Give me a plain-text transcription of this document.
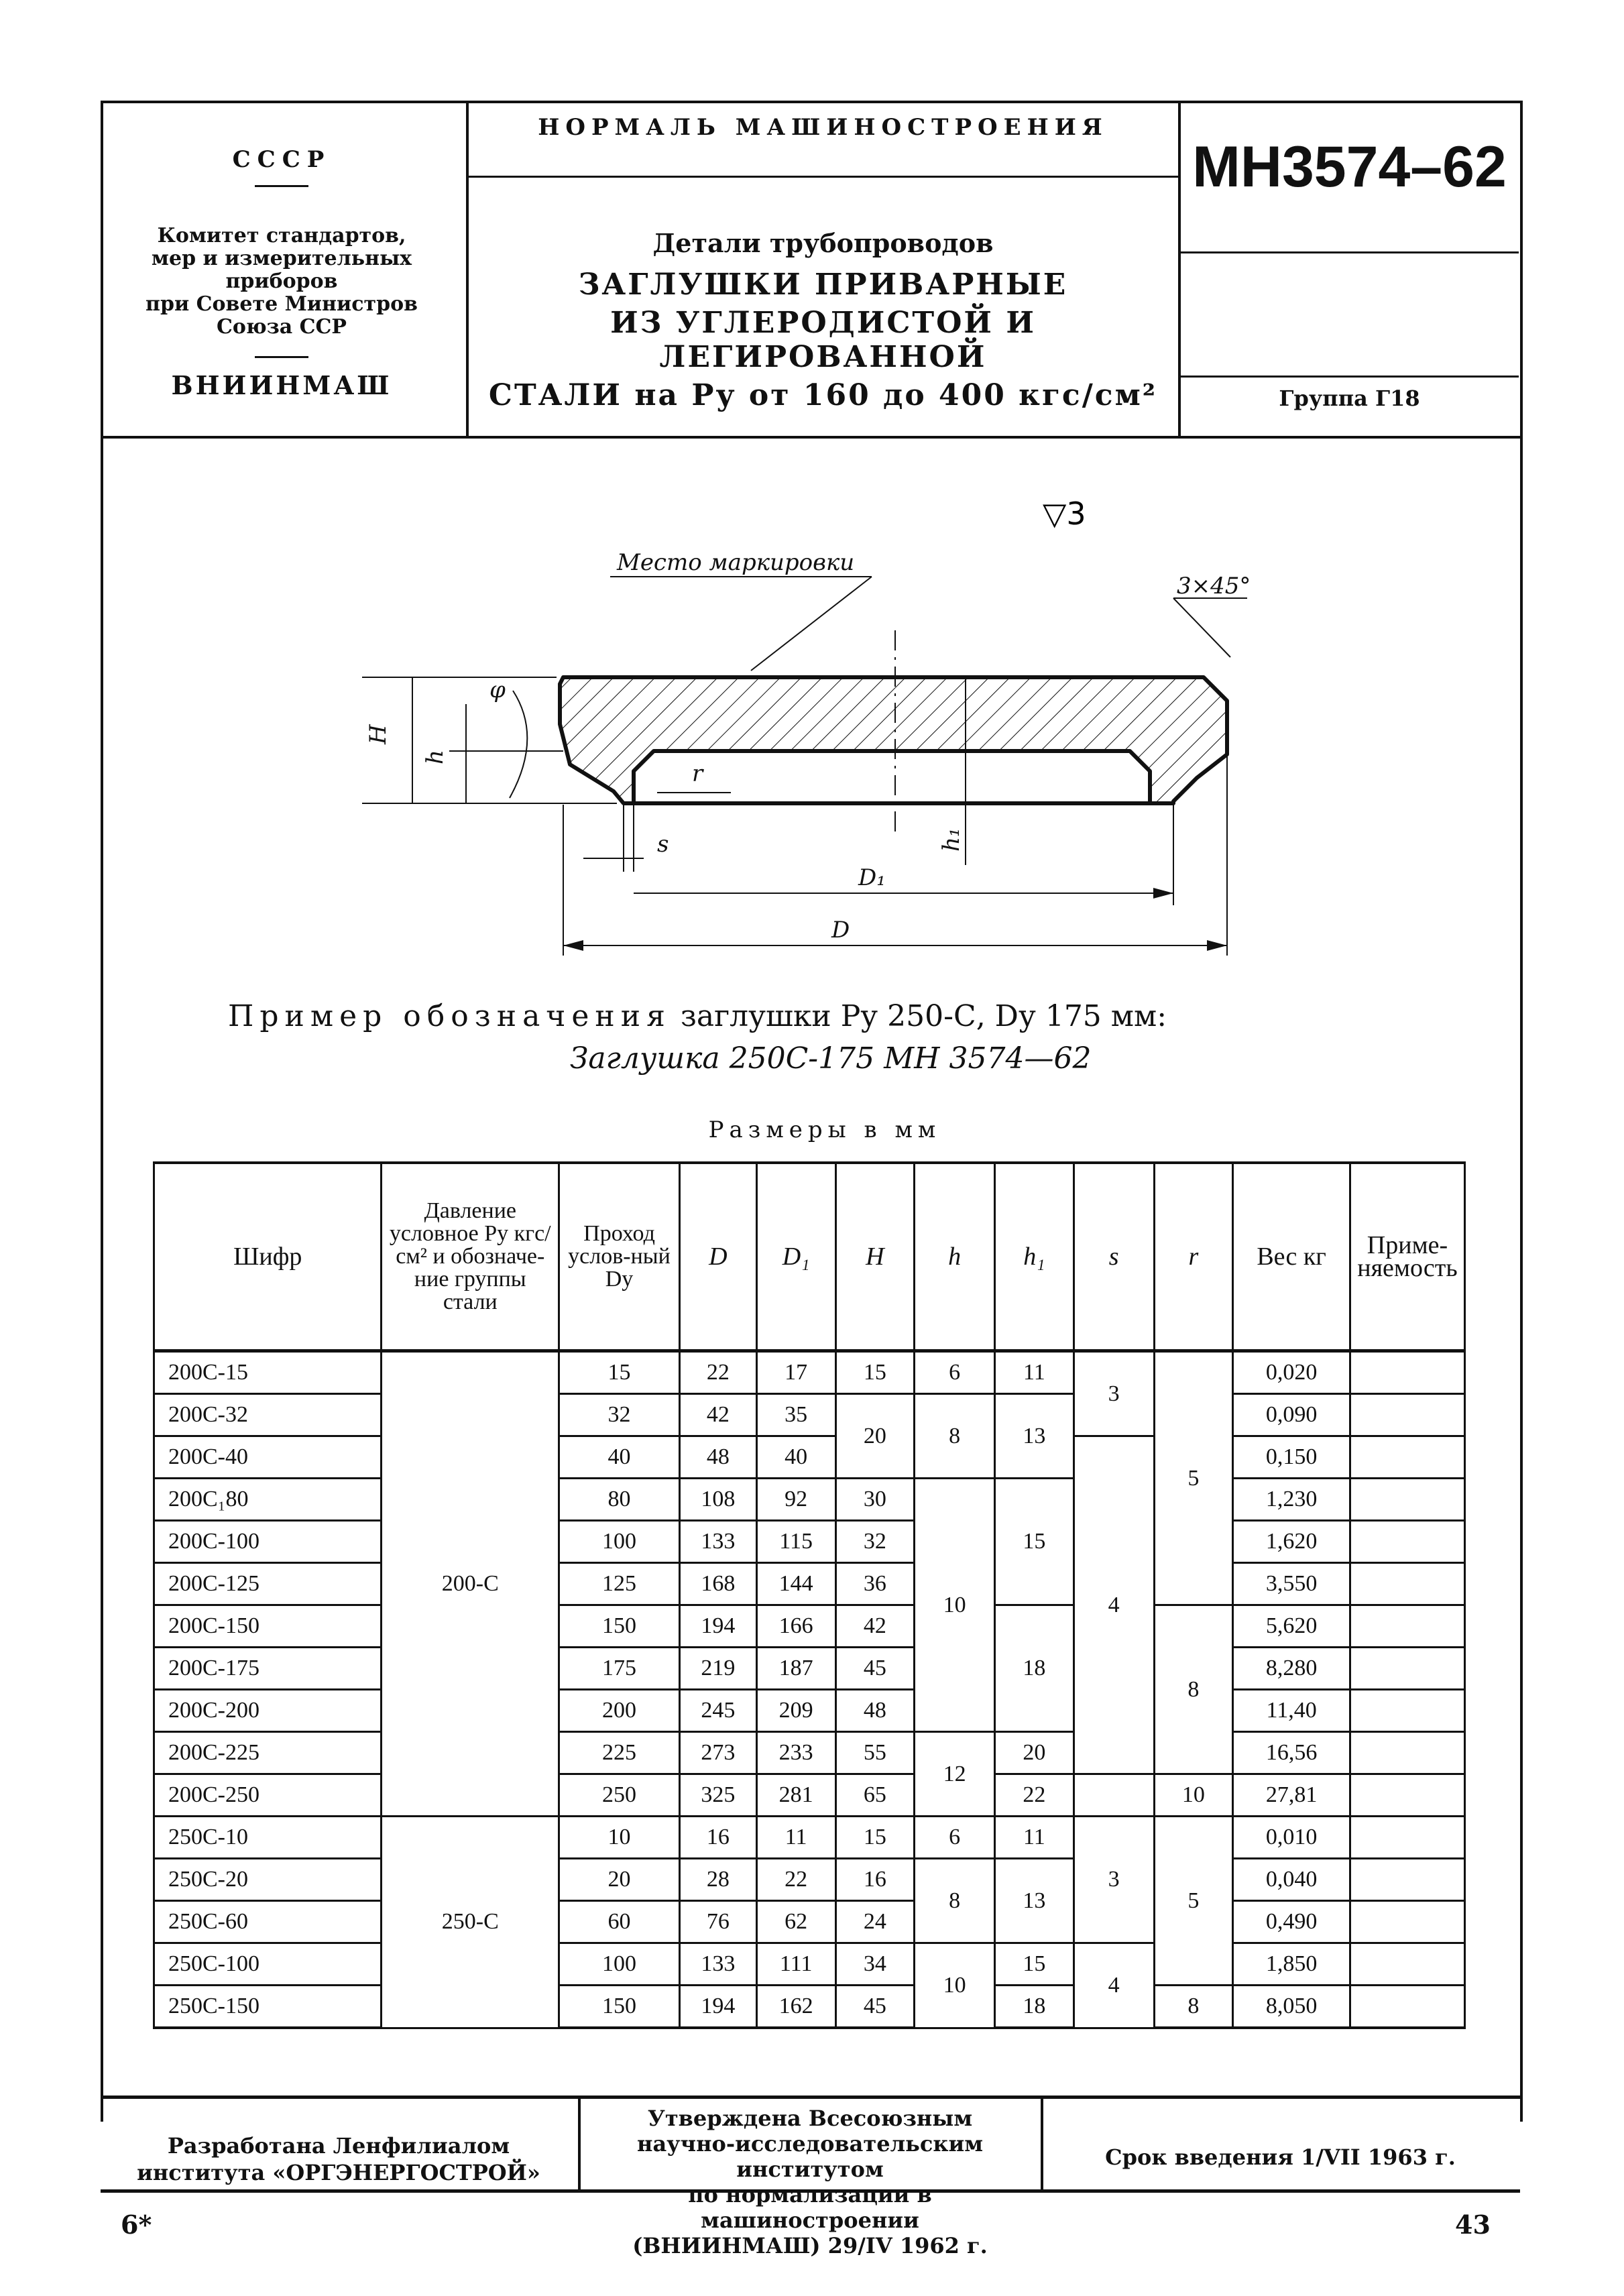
СССР
Комитет стандартов,
мер и измерительных
приборов
при Совете Министров
Союза ССР
ВНИИНМАШ
НОРМАЛЬ МАШИНОСТРОЕНИЯ
Детали трубопроводов
ЗАГЛУШКИ ПРИВАРНЫЕ
ИЗ УГЛЕРОДИСТОЙ И ЛЕГИРОВАННОЙ
СТАЛИ на Pу от 160 до 400 кгс/см²
МН3574–62
Группа Г18
▽3
Место маркировки
3×45°
H
h
φ
r
s	h₁
D₁
D
Пример обозначения заглушки Pу 250-С, Dу 175 мм:
Заглушка 250С-175 МН 3574—62
Размеры в мм
Шифр	Давление условное Pу кгс/см² и обозначе-ние группы стали	Проход услов-ный Dу	D	D₁	H	h	h₁	s	r	Вес кг	Приме-няемость
200С-15	200-С	15	22	17	15	6	11	3	5	0,020	
200С-32		32	42	35	20	8	13			0,090	
200С-40		40	48	40				4		0,150	
200С₁80		80	108	92	30	10	15			1,230	
200С-100		100	133	115	32					1,620	
200С-125		125	168	144	36					3,550	
200С-150		150	194	166	42		18		8	5,620	
200С-175		175	219	187	45					8,280	
200С-200		200	245	209	48					11,40	
200С-225		225	273	233	55	12	20			16,56	
200С-250		250	325	281	65		22		10	27,81	
250С-10	250-С	10	16	11	15	6	11	3	5	0,010	
250С-20		20	28	22	16	8	13			0,040	
250С-60		60	76	62	24					0,490	
250С-100		100	133	111	34	10	15	4		1,850	
250С-150		150	194	162	45		18		8	8,050	
Разработана Ленфилиалом
института «ОРГЭНЕРГОСТРОЙ»
Утверждена Всесоюзным
научно-исследовательским институтом
по нормализации в машиностроении
(ВНИИНМАШ) 29/IV 1962 г.
Срок введения 1/VII 1963 г.
6*	43
